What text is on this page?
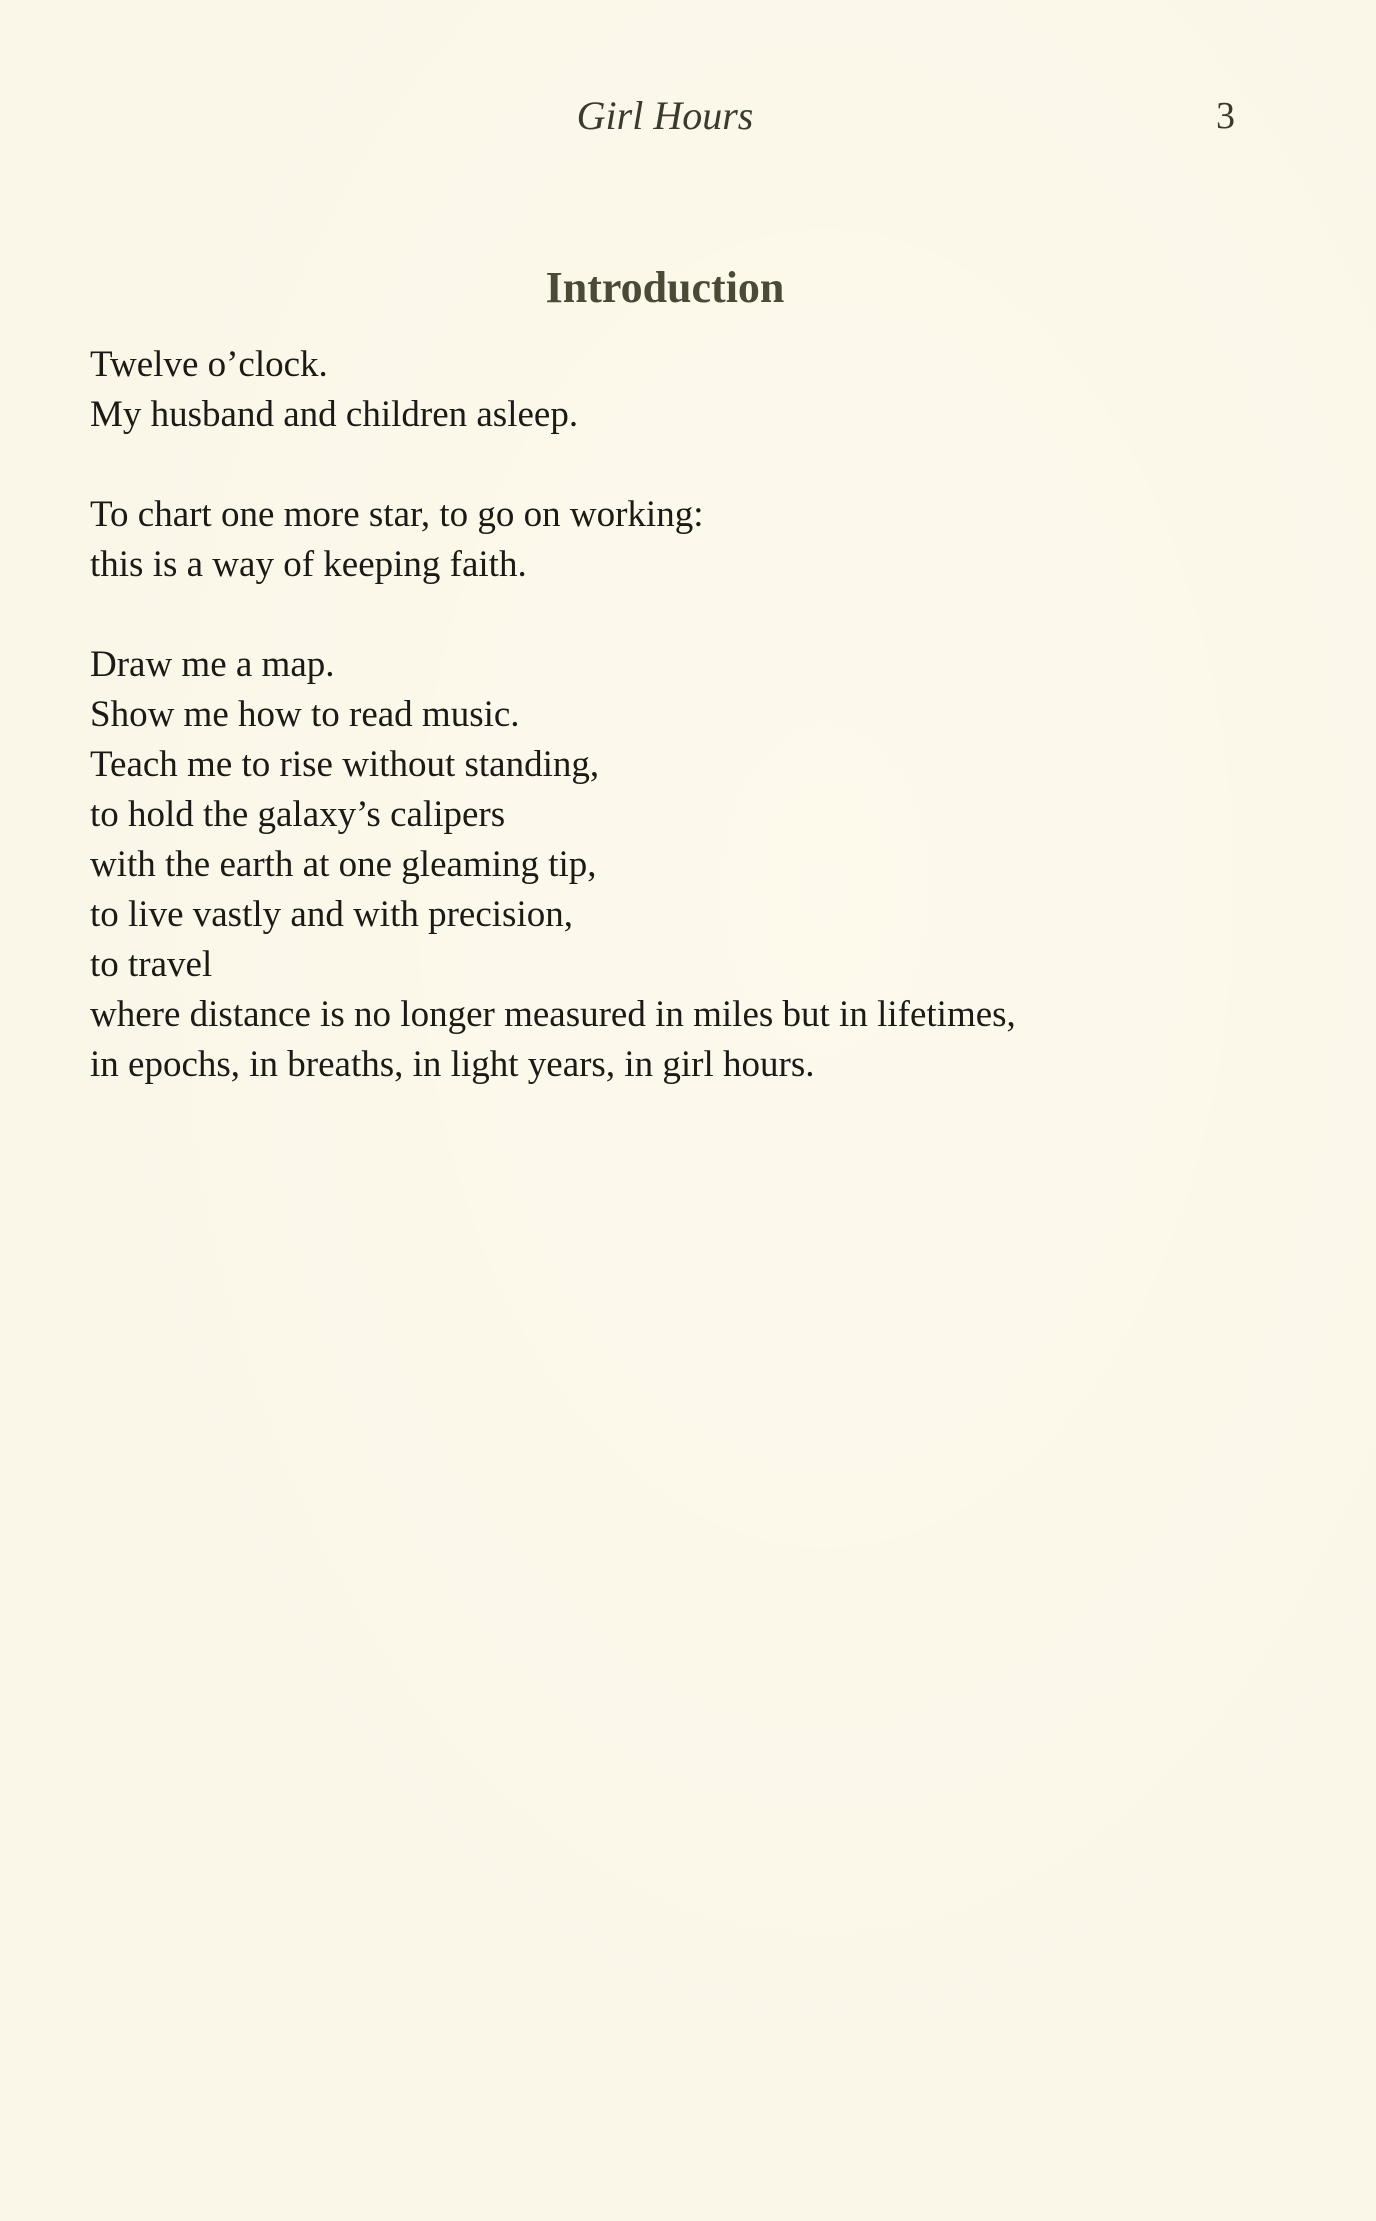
Girl Hours	3
Introduction
Twelve o’clock.
My husband and children asleep.
To chart one more star, to go on working:
this is a way of keeping faith.
Draw me a map.
Show me how to read music.
Teach me to rise without standing,
to hold the galaxy’s calipers
with the earth at one gleaming tip,
to live vastly and with precision,
to travel
where distance is no longer measured in miles but in lifetimes,
in epochs, in breaths, in light years, in girl hours.
